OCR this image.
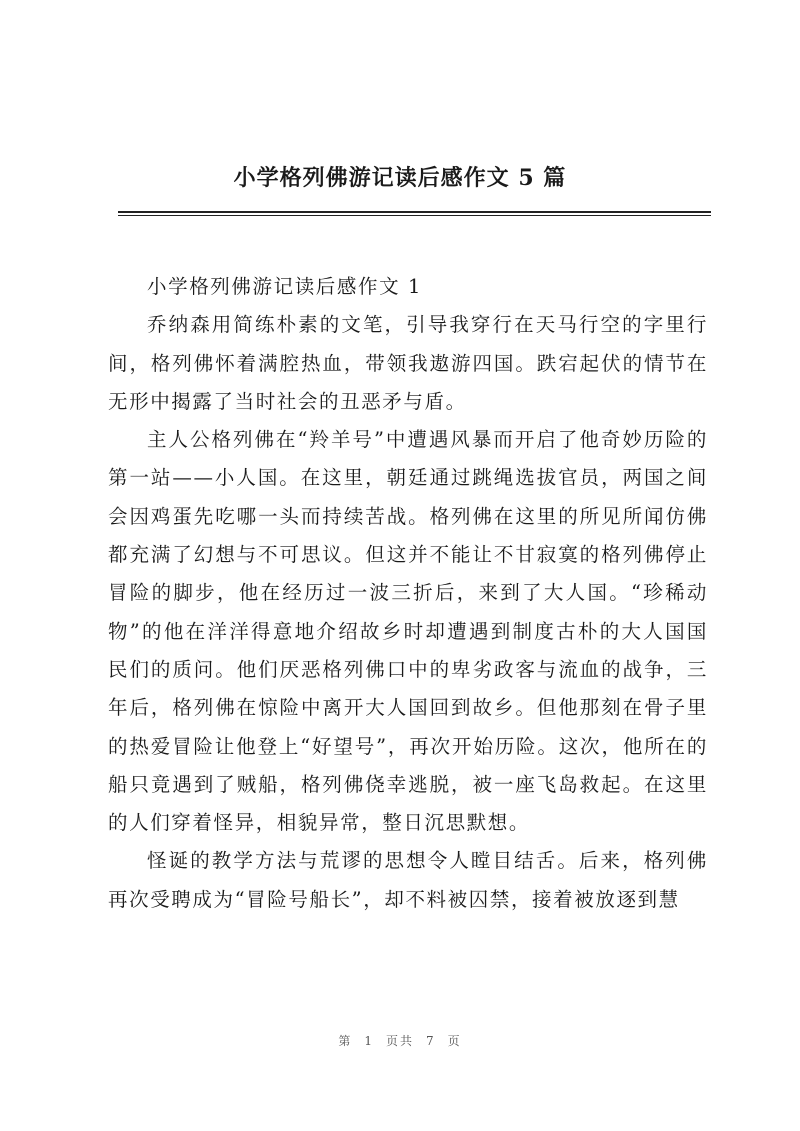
小学格列佛游记读后感作文 5 篇

小学格列佛游记读后感作文 1

乔纳森用简练朴素的文笔，引导我穿行在天马行空的字里行间，格列佛怀着满腔热血，带领我遨游四国。跌宕起伏的情节在无形中揭露了当时社会的丑恶矛与盾。

主人公格列佛在“羚羊号”中遭遇风暴而开启了他奇妙历险的第一站——小人国。在这里，朝廷通过跳绳选拔官员，两国之间会因鸡蛋先吃哪一头而持续苦战。格列佛在这里的所见所闻仿佛都充满了幻想与不可思议。但这并不能让不甘寂寞的格列佛停止冒险的脚步，他在经历过一波三折后，来到了大人国。“珍稀动物”的他在洋洋得意地介绍故乡时却遭遇到制度古朴的大人国国民们的质问。他们厌恶格列佛口中的卑劣政客与流血的战争，三年后，格列佛在惊险中离开大人国回到故乡。但他那刻在骨子里的热爱冒险让他登上“好望号”，再次开始历险。这次，他所在的船只竟遇到了贼船，格列佛侥幸逃脱，被一座飞岛救起。在这里的人们穿着怪异，相貌异常，整日沉思默想。

怪诞的教学方法与荒谬的思想令人瞠目结舌。后来，格列佛再次受聘成为“冒险号船长”，却不料被囚禁，接着被放逐到慧

第 1 页共 7 页
